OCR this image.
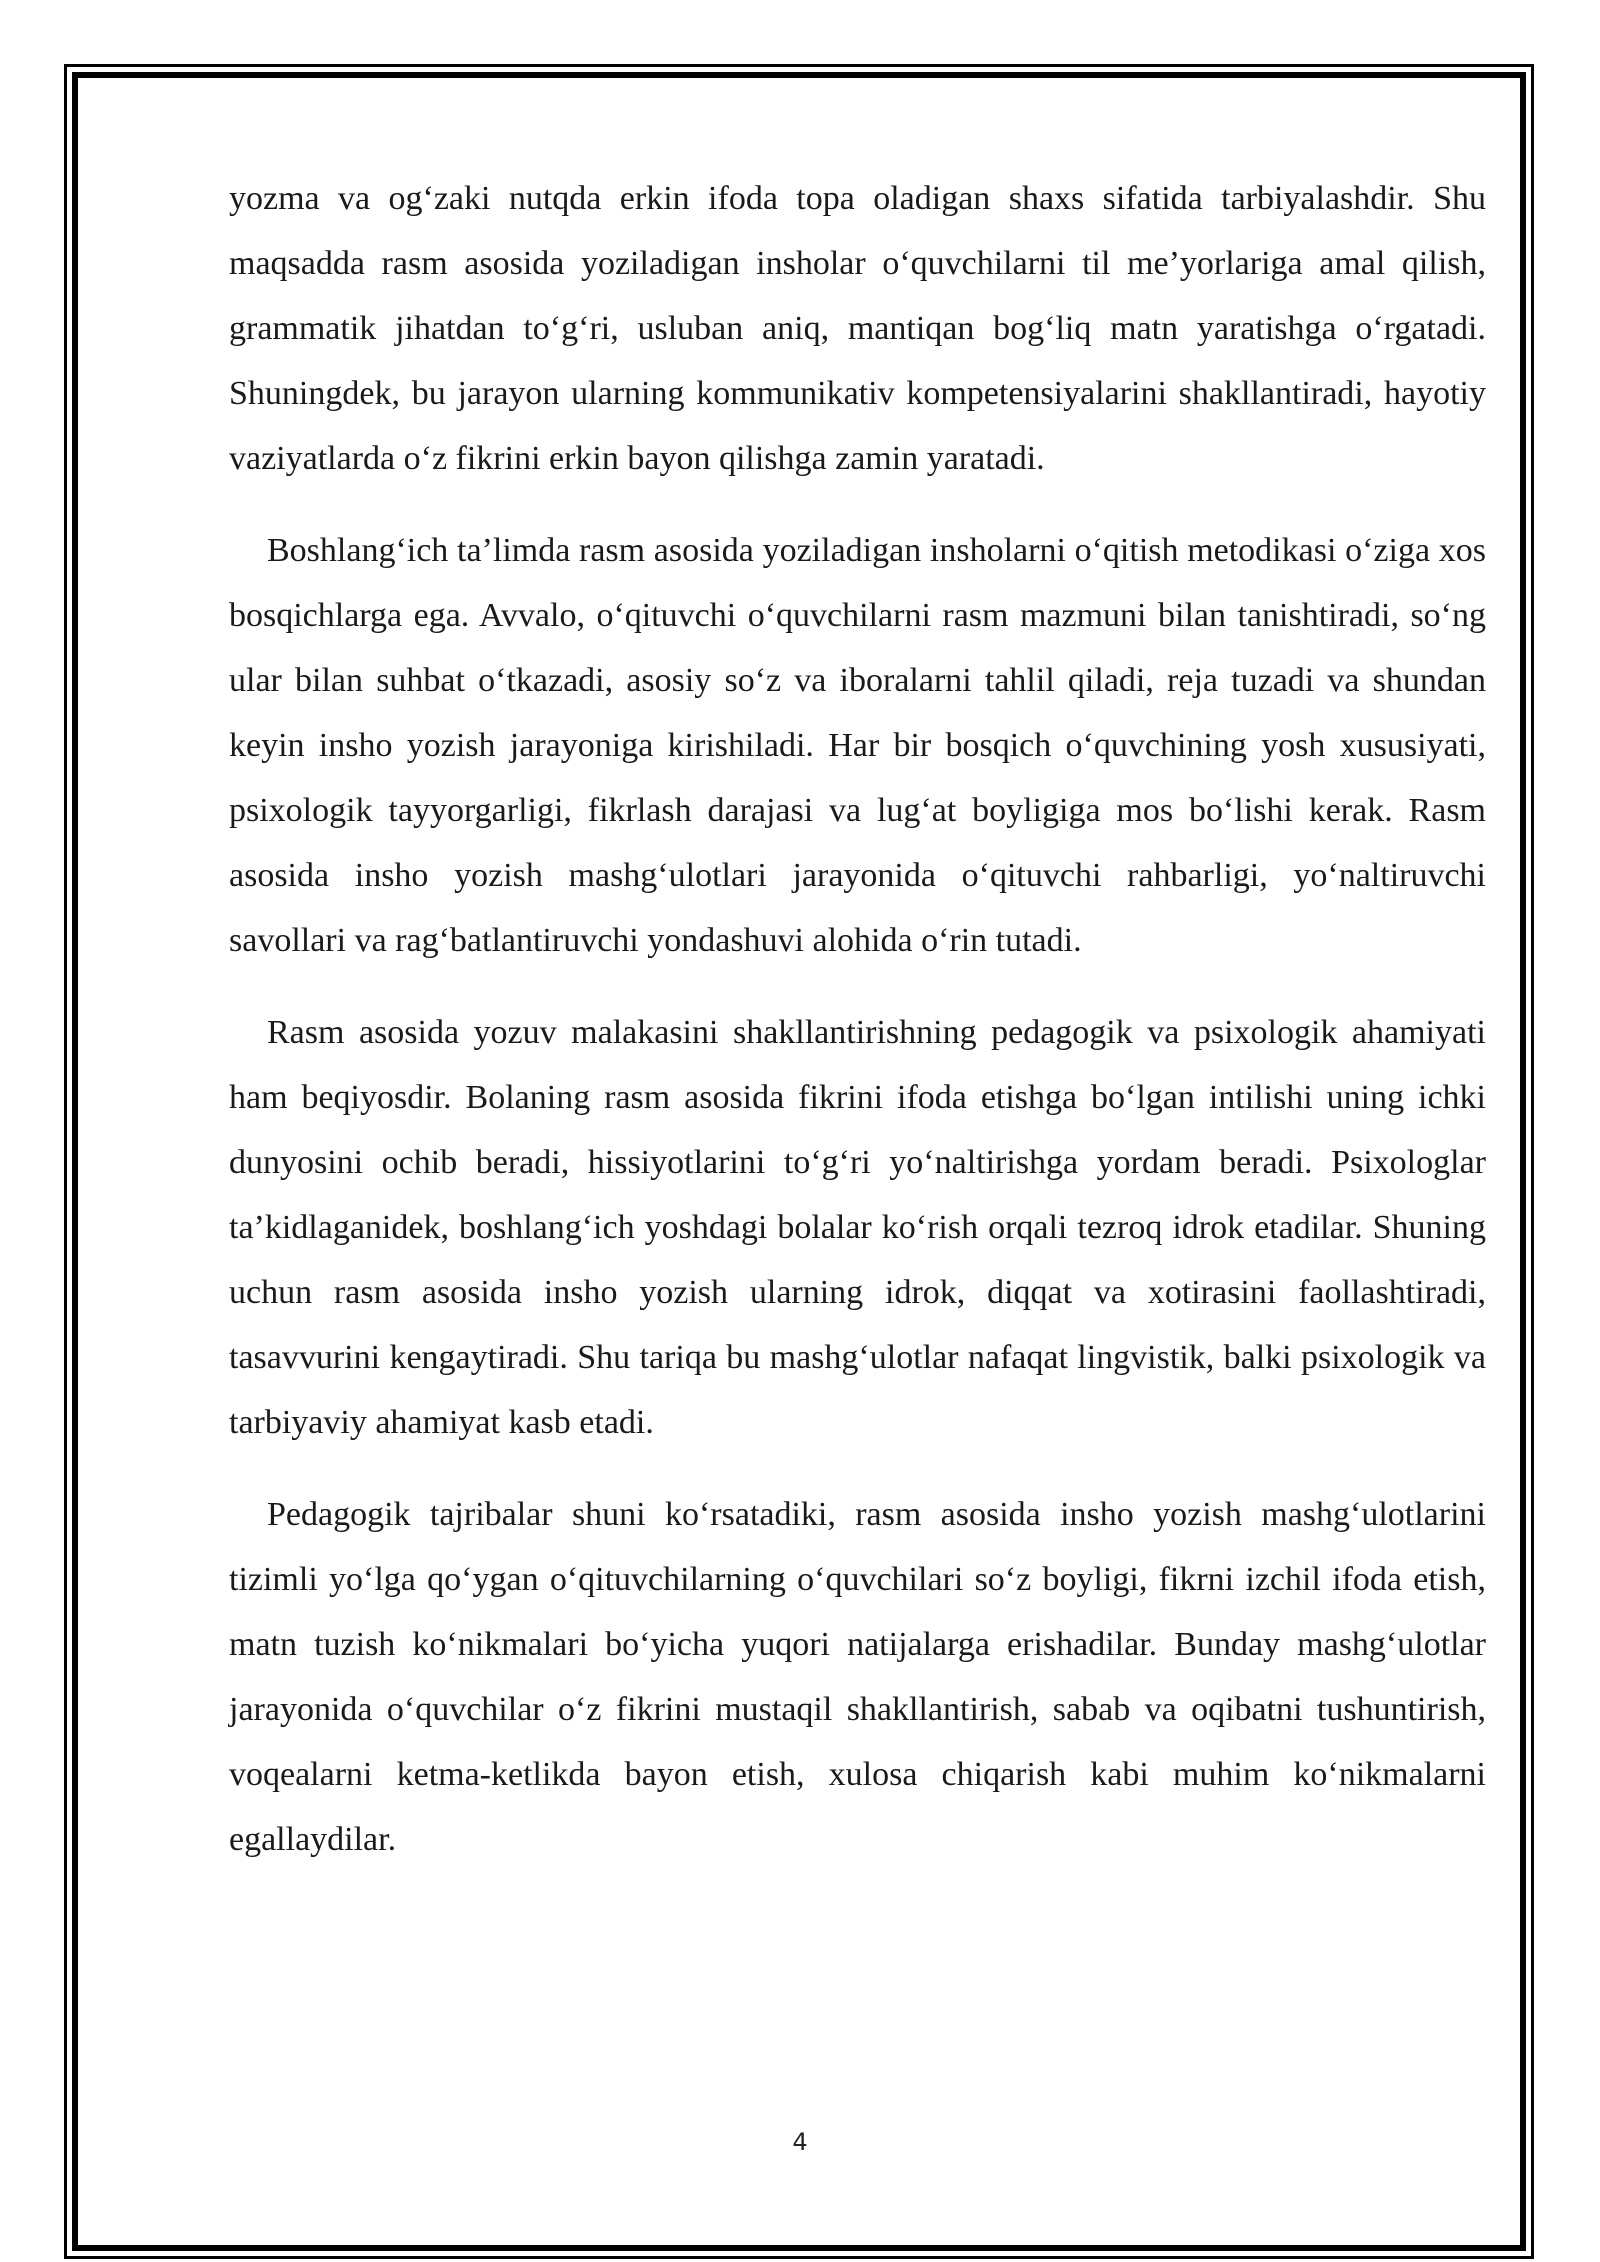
yozma va og‘zaki nutqda erkin ifoda topa oladigan shaxs sifatida tarbiyalashdir. Shu maqsadda rasm asosida yoziladigan insholar o‘quvchilarni til me’yorlariga amal qilish, grammatik jihatdan to‘g‘ri, usluban aniq, mantiqan bog‘liq matn yaratishga o‘rgatadi. Shuningdek, bu jarayon ularning kommunikativ kompetensiyalarini shakllantiradi, hayotiy vaziyatlarda o‘z fikrini erkin bayon qilishga zamin yaratadi.

Boshlang‘ich ta’limda rasm asosida yoziladigan insholarni o‘qitish metodikasi o‘ziga xos bosqichlarga ega. Avvalo, o‘qituvchi o‘quvchilarni rasm mazmuni bilan tanishtiradi, so‘ng ular bilan suhbat o‘tkazadi, asosiy so‘z va iboralarni tahlil qiladi, reja tuzadi va shundan keyin insho yozish jarayoniga kirishiladi. Har bir bosqich o‘quvchining yosh xususiyati, psixologik tayyorgarligi, fikrlash darajasi va lug‘at boyligiga mos bo‘lishi kerak. Rasm asosida insho yozish mashg‘ulotlari jarayonida o‘qituvchi rahbarligi, yo‘naltiruvchi savollari va rag‘batlantiruvchi yondashuvi alohida o‘rin tutadi.

Rasm asosida yozuv malakasini shakllantirishning pedagogik va psixologik ahamiyati ham beqiyosdir. Bolaning rasm asosida fikrini ifoda etishga bo‘lgan intilishi uning ichki dunyosini ochib beradi, hissiyotlarini to‘g‘ri yo‘naltirishga yordam beradi. Psixologlar ta’kidlaganidek, boshlang‘ich yoshdagi bolalar ko‘rish orqali tezroq idrok etadilar. Shuning uchun rasm asosida insho yozish ularning idrok, diqqat va xotirasini faollashtiradi, tasavvurini kengaytiradi. Shu tariqa bu mashg‘ulotlar nafaqat lingvistik, balki psixologik va tarbiyaviy ahamiyat kasb etadi.

Pedagogik tajribalar shuni ko‘rsatadiki, rasm asosida insho yozish mashg‘ulotlarini tizimli yo‘lga qo‘ygan o‘qituvchilarning o‘quvchilari so‘z boyligi, fikrni izchil ifoda etish, matn tuzish ko‘nikmalari bo‘yicha yuqori natijalarga erishadilar. Bunday mashg‘ulotlar jarayonida o‘quvchilar o‘z fikrini mustaqil shakllantirish, sabab va oqibatni tushuntirish, voqealarni ketma-ketlikda bayon etish, xulosa chiqarish kabi muhim ko‘nikmalarni egallaydilar.

4
